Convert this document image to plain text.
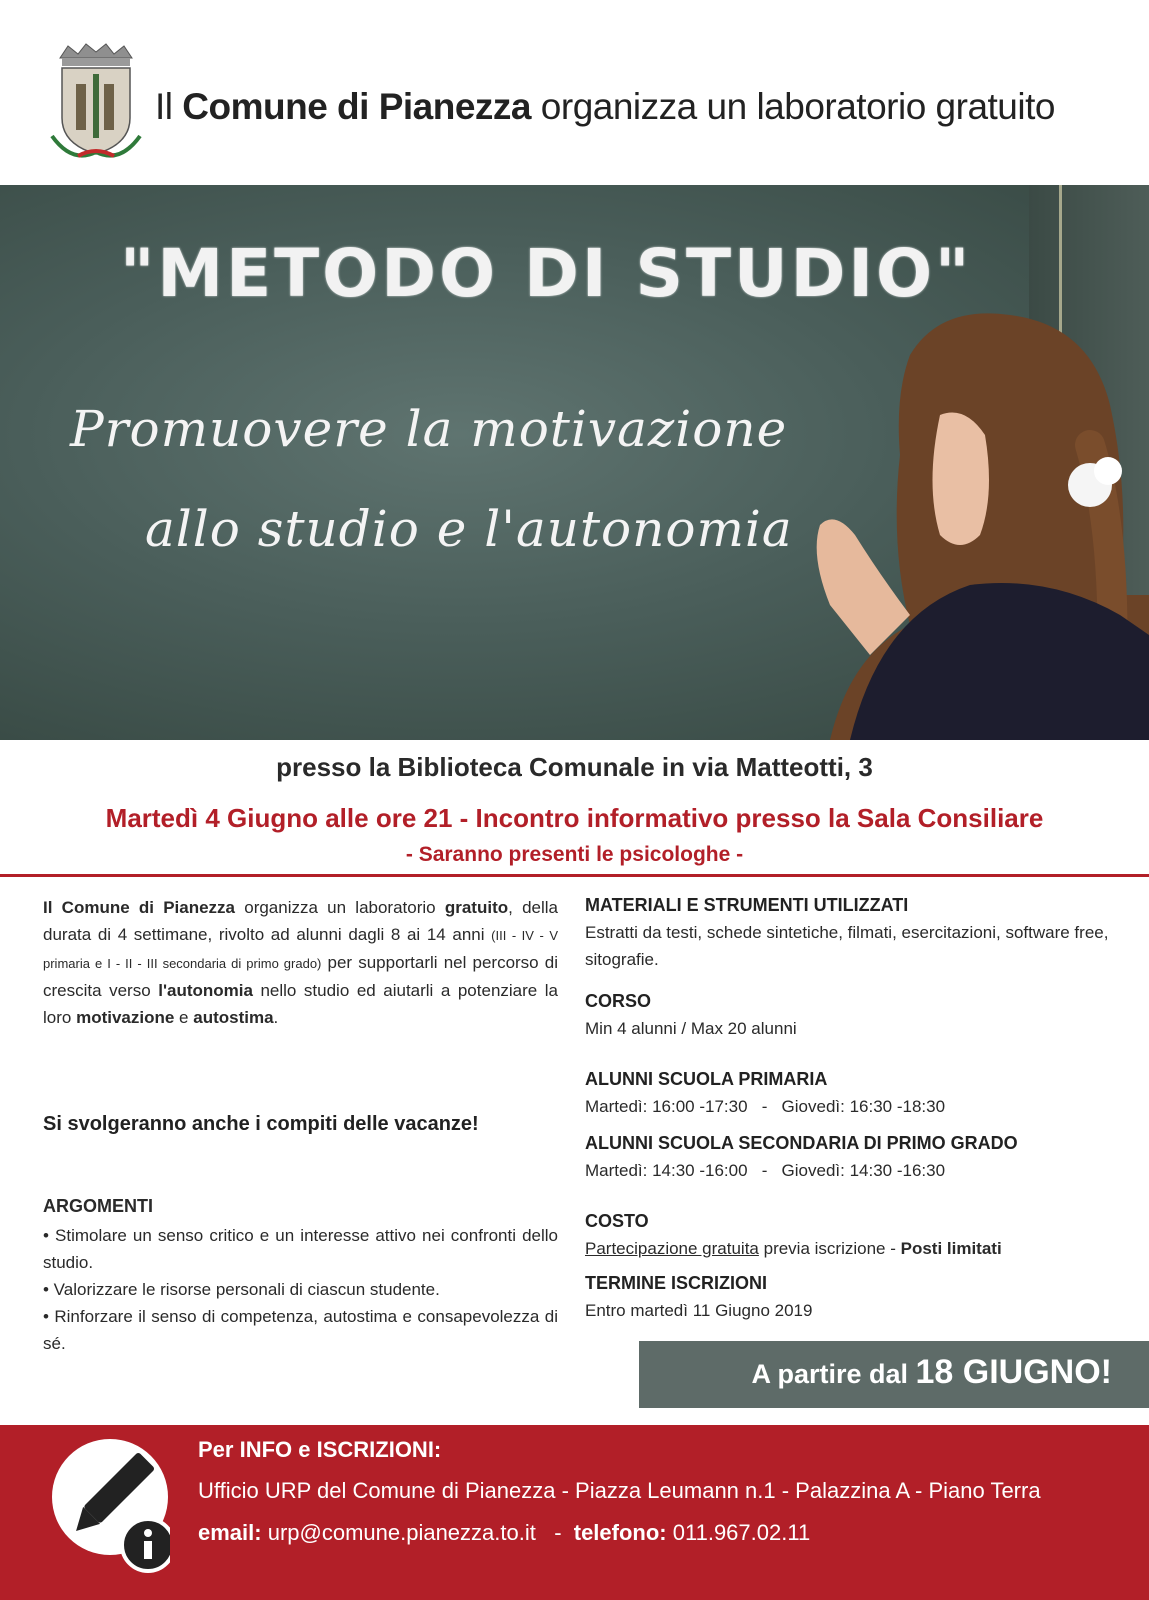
Il Comune di Pianezza organizza un laboratorio gratuito
"METODO DI STUDIO"
Promuovere la motivazione
allo studio e l'autonomia
presso la Biblioteca Comunale in via Matteotti, 3
Martedì 4 Giugno alle ore 21 - Incontro informativo presso la Sala Consiliare
- Saranno presenti le psicologhe -
Il Comune di Pianezza organizza un laboratorio gratuito, della durata di 4 settimane, rivolto ad alunni dagli 8 ai 14 anni (III - IV - V primaria e I - II - III secondaria di primo grado) per supportarli nel percorso di crescita verso l'autonomia nello studio ed aiutarli a potenziare la loro motivazione e autostima.
Si svolgeranno anche i compiti delle vacanze!
ARGOMENTI
• Stimolare un senso critico e un interesse attivo nei confronti dello studio.
• Valorizzare le risorse personali di ciascun studente.
• Rinforzare il senso di competenza, autostima e consapevolezza di sé.
MATERIALI E STRUMENTI UTILIZZATI
Estratti da testi, schede sintetiche, filmati, esercitazioni, software free, sitografie.
CORSO
Min 4 alunni / Max 20 alunni
ALUNNI SCUOLA PRIMARIA
Martedì: 16:00 -17:30   -   Giovedì: 16:30 -18:30
ALUNNI SCUOLA SECONDARIA DI PRIMO GRADO
Martedì: 14:30 -16:00   -   Giovedì: 14:30 -16:30
COSTO
Partecipazione gratuita previa iscrizione - Posti limitati
TERMINE ISCRIZIONI
Entro martedì 11 Giugno 2019
A partire dal 18 GIUGNO!
Per INFO e ISCRIZIONI:
Ufficio URP del Comune di Pianezza - Piazza Leumann n.1 - Palazzina A - Piano Terra
email: urp@comune.pianezza.to.it   -  telefono: 011.967.02.11
